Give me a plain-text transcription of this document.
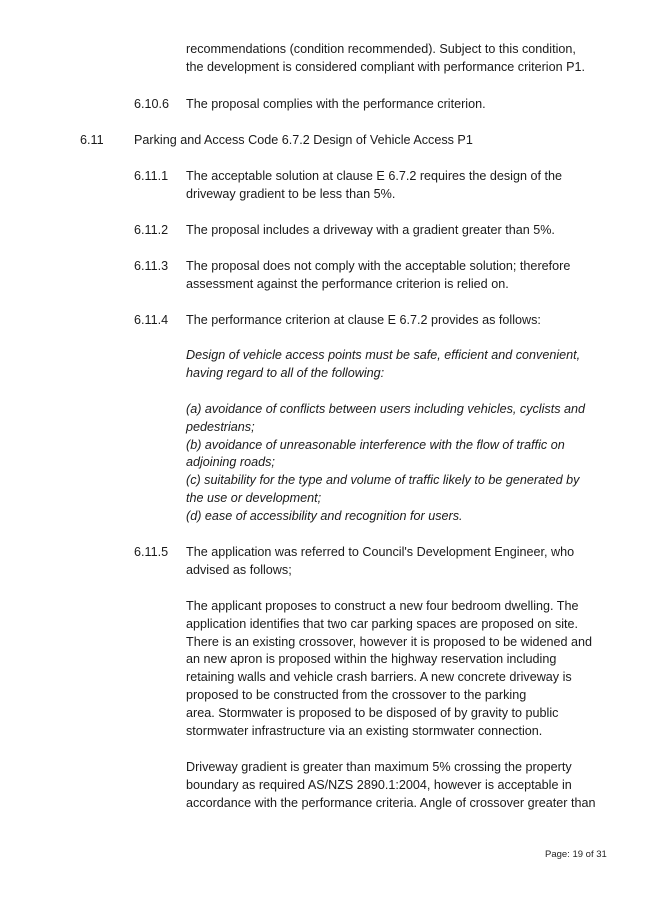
recommendations (condition recommended). Subject to this condition,
the development is considered compliant with performance criterion P1.
6.10.6 The proposal complies with the performance criterion.
6.11 Parking and Access Code 6.7.2 Design of Vehicle Access P1
6.11.1 The acceptable solution at clause E 6.7.2 requires the design of the
driveway gradient to be less than 5%.
6.11.2 The proposal includes a driveway with a gradient greater than 5%.
6.11.3 The proposal does not comply with the acceptable solution; therefore
assessment against the performance criterion is relied on.
6.11.4 The performance criterion at clause E 6.7.2 provides as follows:
Design of vehicle access points must be safe, efficient and convenient,
having regard to all of the following:
(a) avoidance of conflicts between users including vehicles, cyclists and
pedestrians;
(b) avoidance of unreasonable interference with the flow of traffic on
adjoining roads;
(c) suitability for the type and volume of traffic likely to be generated by
the use or development;
(d) ease of accessibility and recognition for users.
6.11.5 The application was referred to Council's Development Engineer, who
advised as follows;
The applicant proposes to construct a new four bedroom dwelling. The
application identifies that two car parking spaces are proposed on site.
There is an existing crossover, however it is proposed to be widened and
an new apron is proposed within the highway reservation including
retaining walls and vehicle crash barriers. A new concrete driveway is
proposed to be constructed from the crossover to the parking
area. Stormwater is proposed to be disposed of by gravity to public
stormwater infrastructure via an existing stormwater connection.
Driveway gradient is greater than maximum 5% crossing the property
boundary as required AS/NZS 2890.1:2004, however is acceptable in
accordance with the performance criteria. Angle of crossover greater than
Page: 19 of 31
